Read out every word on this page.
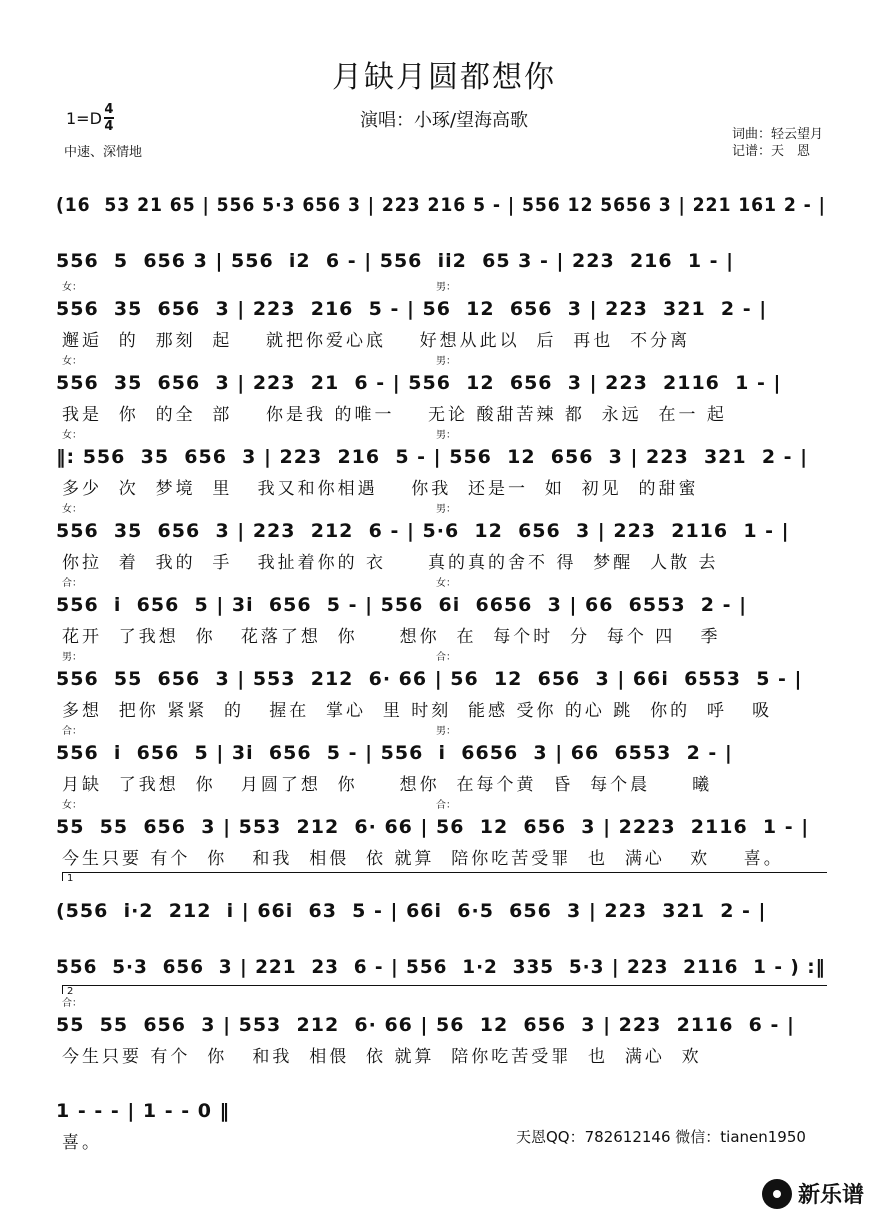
月缺月圆都想你
演唱：小琢/望海高歌
$1=D \frac{4}{4}$
中速、深情地
词曲：轻云望月
记谱：天　恩
(16  53 21 65 | 556 5·3 656 3 | 223 216 5 - | 556 12 5656 3 | 221 161 2 - |
556  5  656 3 | 556  i2  6 - | 556  ii2  65 3 - | 223  216  1 - |
女：	男：
556  35  656  3 | 223  216  5 - | 56  12  656  3 | 223  321  2 - |
邂逅  的  那刻  起    就把你爱心底    好想从此以  后  再也  不分离
女：	男：
556  35  656  3 | 223  21  6 - | 556  12  656  3 | 223  2116  1 - |
我是  你  的全  部    你是我 的唯一    无论 酸甜苦辣 都  永远  在一 起
女：	男：
‖: 556  35  656  3 | 223  216  5 - | 556  12  656  3 | 223  321  2 - |
多少  次  梦境  里   我又和你相遇    你我  还是一  如  初见  的甜蜜
女：	男：
556  35  656  3 | 223  212  6 - | 5·6  12  656  3 | 223  2116  1 - |
你拉  着  我的  手   我扯着你的 衣     真的真的舍不 得  梦醒  人散 去
合：	女：
556  i  656  5 | 3i  656  5 - | 556  6i  6656  3 | 66  6553  2 - |
花开  了我想  你   花落了想  你     想你  在  每个时  分  每个 四   季
男：	合：
556  55  656  3 | 553  212  6· 66 | 56  12  656  3 | 66i  6553  5 - |
多想  把你 紧紧  的   握在  掌心  里 时刻  能感 受你 的心 跳  你的  呼   吸
合：	男：
556  i  656  5 | 3i  656  5 - | 556  i  6656  3 | 66  6553  2 - |
月缺  了我想  你   月圆了想  你     想你  在每个黄  昏  每个晨     曦
女：	合：
55  55  656  3 | 553  212  6· 66 | 56  12  656  3 | 2223  2116  1 - |
今生只要 有个  你   和我  相偎  依 就算  陪你吃苦受罪  也  满心   欢    喜。
(556  i·2  212  i | 66i  63  5 - | 66i  6·5  656  3 | 223  321  2 - |
556  5·3  656  3 | 221  23  6 - | 556  1·2  335  5·3 | 223  2116  1 - ) :‖
合：
55  55  656  3 | 553  212  6· 66 | 56  12  656  3 | 223  2116  6 - |
今生只要 有个  你   和我  相偎  依 就算  陪你吃苦受罪  也  满心  欢
1 - - - | 1 - - 0 ‖
喜。
1
2
天恩QQ：782612146 微信：tianen1950
新乐谱
